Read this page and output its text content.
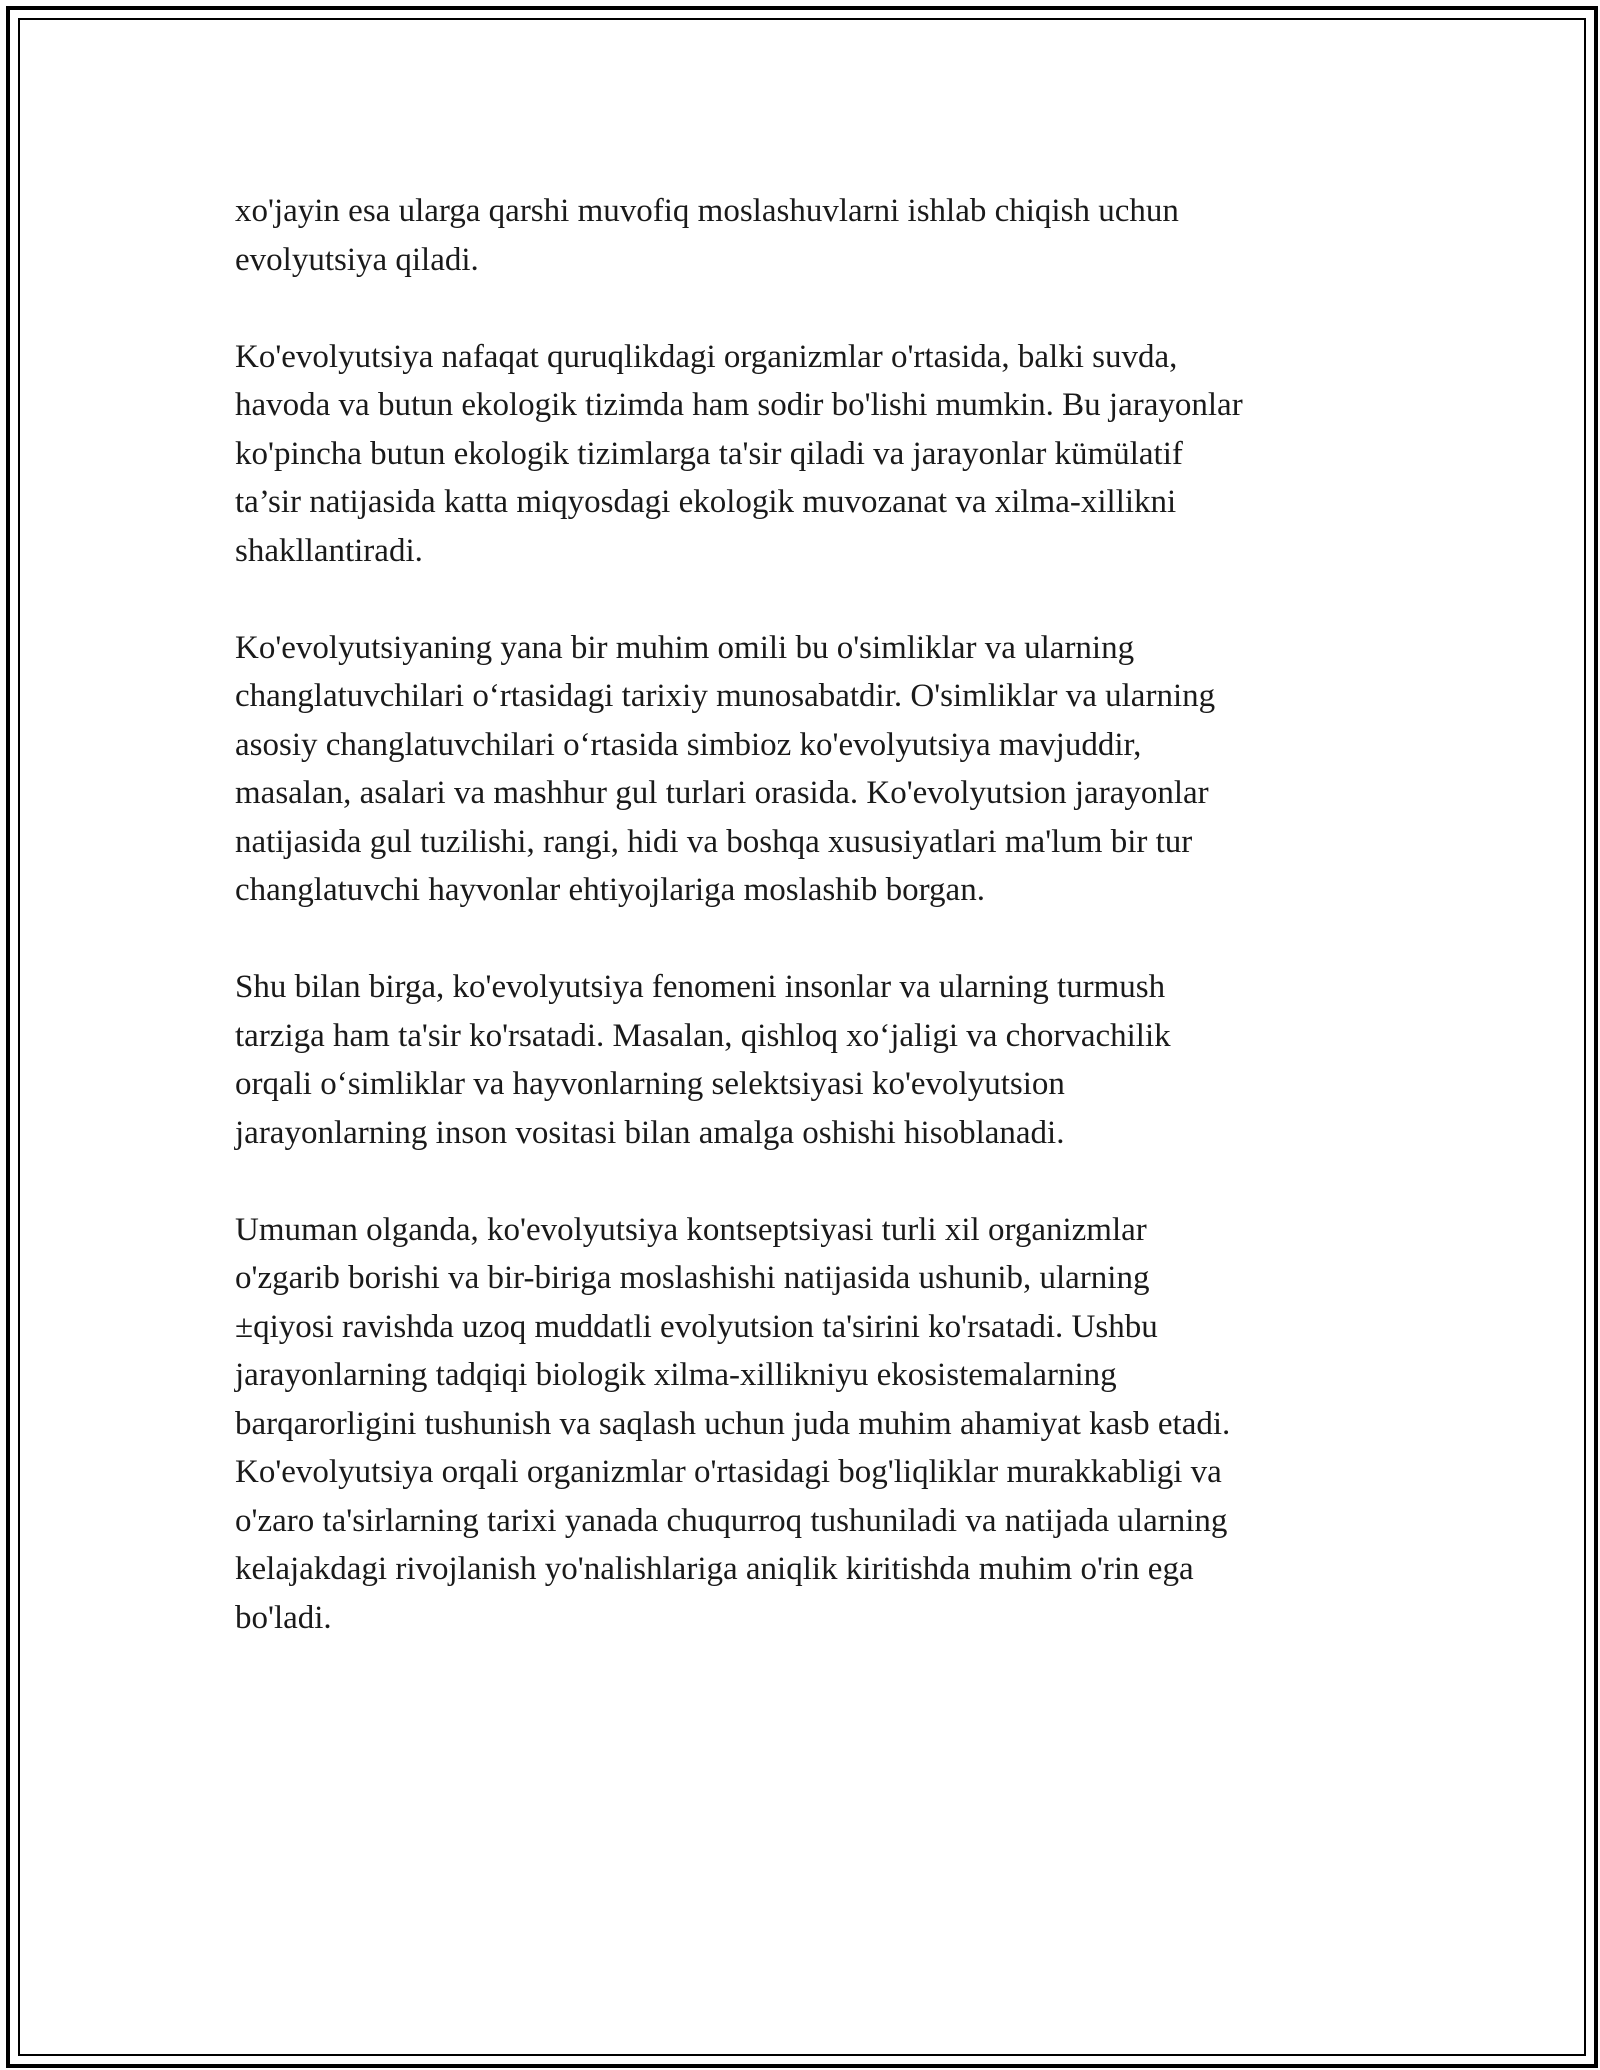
xo'jayin esa ularga qarshi muvofiq moslashuvlarni ishlab chiqish uchun
evolyutsiya qiladi.

Ko'evolyutsiya nafaqat quruqlikdagi organizmlar o'rtasida, balki suvda,
havoda va butun ekologik tizimda ham sodir bo'lishi mumkin. Bu jarayonlar
ko'pincha butun ekologik tizimlarga ta'sir qiladi va jarayonlar kümülatif
ta’sir natijasida katta miqyosdagi ekologik muvozanat va xilma-xillikni
shakllantiradi.

Ko'evolyutsiyaning yana bir muhim omili bu o'simliklar va ularning
changlatuvchilari o‘rtasidagi tarixiy munosabatdir. O'simliklar va ularning
asosiy changlatuvchilari o‘rtasida simbioz ko'evolyutsiya mavjuddir,
masalan, asalari va mashhur gul turlari orasida. Ko'evolyutsion jarayonlar
natijasida gul tuzilishi, rangi, hidi va boshqa xususiyatlari ma'lum bir tur
changlatuvchi hayvonlar ehtiyojlariga moslashib borgan.

Shu bilan birga, ko'evolyutsiya fenomeni insonlar va ularning turmush
tarziga ham ta'sir ko'rsatadi. Masalan, qishloq xo‘jaligi va chorvachilik
orqali o‘simliklar va hayvonlarning selektsiyasi ko'evolyutsion
jarayonlarning inson vositasi bilan amalga oshishi hisoblanadi.

Umuman olganda, ko'evolyutsiya kontseptsiyasi turli xil organizmlar
o'zgarib borishi va bir-biriga moslashishi natijasida ushunib, ularning
±qiyosi ravishda uzoq muddatli evolyutsion ta'sirini ko'rsatadi. Ushbu
jarayonlarning tadqiqi biologik xilma-xillikniyu ekosistemalarning
barqarorligini tushunish va saqlash uchun juda muhim ahamiyat kasb etadi.
Ko'evolyutsiya orqali organizmlar o'rtasidagi bog'liqliklar murakkabligi va
o'zaro ta'sirlarning tarixi yanada chuqurroq tushuniladi va natijada ularning
kelajakdagi rivojlanish yo'nalishlariga aniqlik kiritishda muhim o'rin ega
bo'ladi.
